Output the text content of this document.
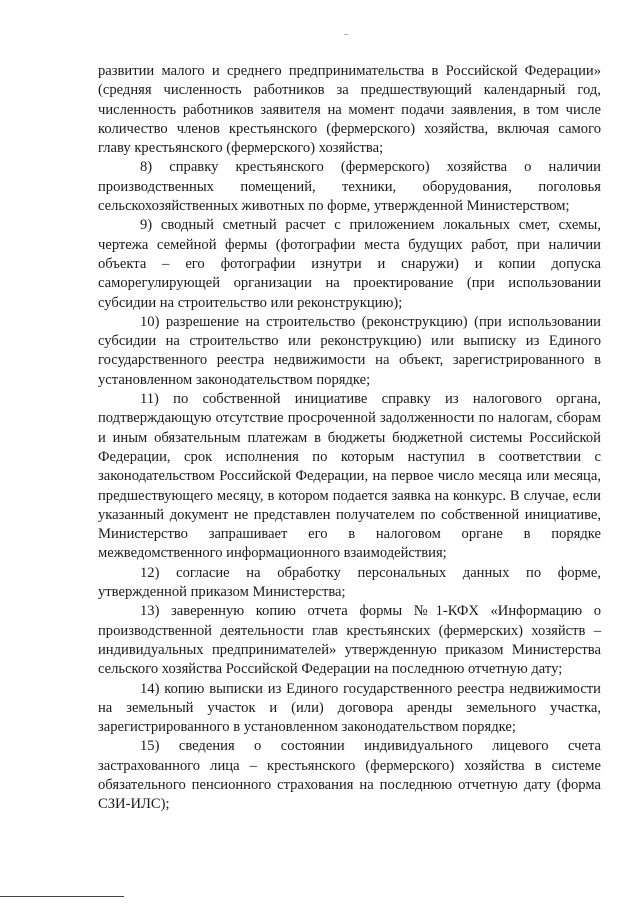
развитии малого и среднего предпринимательства в Российской Федерации» (средняя численность работников за предшествующий календарный год, численность работников заявителя на момент подачи заявления, в том числе количество членов крестьянского (фермерского) хозяйства, включая самого главу крестьянского (фермерского) хозяйства;

8) справку крестьянского (фермерского) хозяйства о наличии производственных помещений, техники, оборудования, поголовья сельскохозяйственных животных по форме, утвержденной Министерством;

9) сводный сметный расчет с приложением локальных смет, схемы, чертежа семейной фермы (фотографии места будущих работ, при наличии объекта – его фотографии изнутри и снаружи) и копии допуска саморегулирующей организации на проектирование (при использовании субсидии на строительство или реконструкцию);

10) разрешение на строительство (реконструкцию) (при использовании субсидии на строительство или реконструкцию) или выписку из Единого государственного реестра недвижимости на объект, зарегистрированного в установленном законодательством порядке;

11) по собственной инициативе справку из налогового органа, подтверждающую отсутствие просроченной задолженности по налогам, сборам и иным обязательным платежам в бюджеты бюджетной системы Российской Федерации, срок исполнения по которым наступил в соответствии с законодательством Российской Федерации, на первое число месяца или месяца, предшествующего месяцу, в котором подается заявка на конкурс. В случае, если указанный документ не представлен получателем по собственной инициативе, Министерство запрашивает его в налоговом органе в порядке межведомственного информационного взаимодействия;

12) согласие на обработку персональных данных по форме, утвержденной приказом Министерства;

13) заверенную копию отчета формы №1-КФХ «Информацию о производственной деятельности глав крестьянских (фермерских) хозяйств – индивидуальных предпринимателей» утвержденную приказом Министерства сельского хозяйства Российской Федерации на последнюю отчетную дату;

14) копию выписки из Единого государственного реестра недвижимости на земельный участок и (или) договора аренды земельного участка, зарегистрированного в установленном законодательством порядке;

15) сведения о состоянии индивидуального лицевого счета застрахованного лица – крестьянского (фермерского) хозяйства в системе обязательного пенсионного страхования на последнюю отчетную дату (форма СЗИ-ИЛС);
